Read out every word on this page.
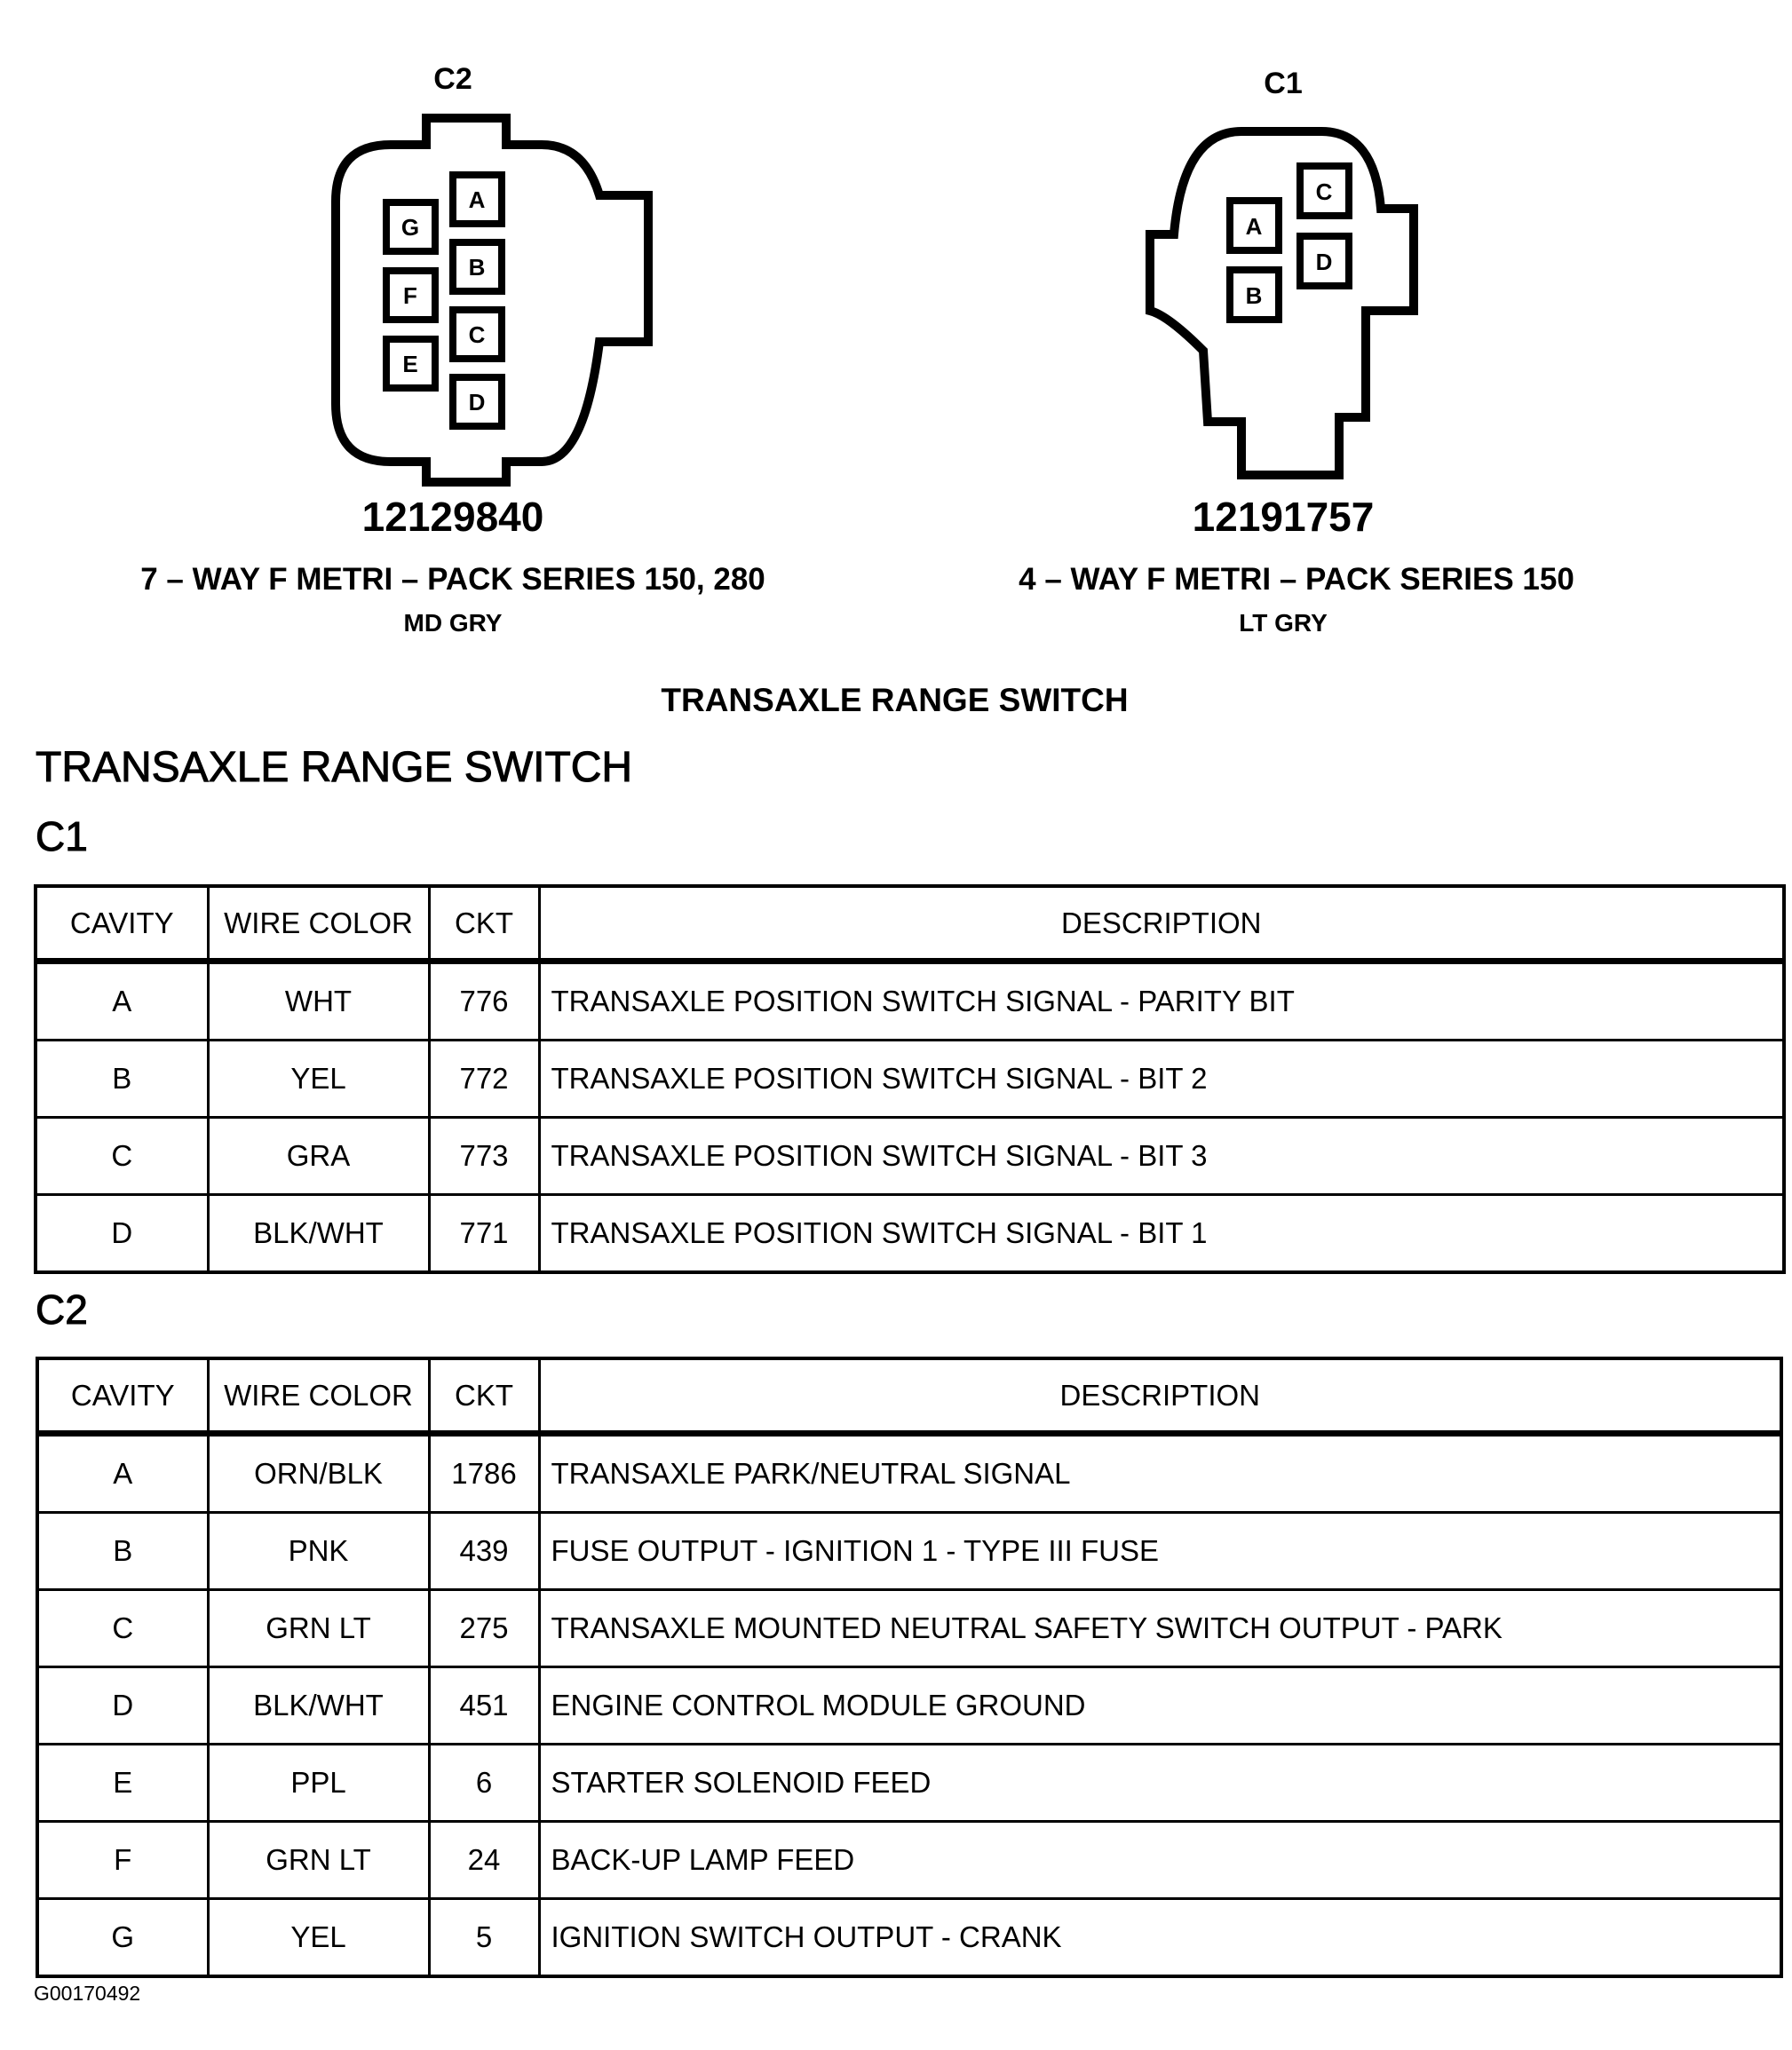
C2
G
F
E
A
B
C
D
12129840
7 – WAY F METRI – PACK SERIES 150, 280
MD GRY
C1
A
B
C
D
12191757
4 – WAY F METRI – PACK SERIES 150
LT GRY
TRANSAXLE RANGE SWITCH
TRANSAXLE RANGE SWITCH
C1
CAVITY	WIRE COLOR	CKT	DESCRIPTION
A	WHT	776	TRANSAXLE POSITION SWITCH SIGNAL - PARITY BIT
B	YEL	772	TRANSAXLE POSITION SWITCH SIGNAL - BIT 2
C	GRA	773	TRANSAXLE POSITION SWITCH SIGNAL - BIT 3
D	BLK/WHT	771	TRANSAXLE POSITION SWITCH SIGNAL - BIT 1
C2
CAVITY	WIRE COLOR	CKT	DESCRIPTION
A	ORN/BLK	1786	TRANSAXLE PARK/NEUTRAL SIGNAL
B	PNK	439	FUSE OUTPUT - IGNITION 1 - TYPE III FUSE
C	GRN LT	275	TRANSAXLE MOUNTED NEUTRAL SAFETY SWITCH OUTPUT - PARK
D	BLK/WHT	451	ENGINE CONTROL MODULE GROUND
E	PPL	6	STARTER SOLENOID FEED
F	GRN LT	24	BACK-UP LAMP FEED
G	YEL	5	IGNITION SWITCH OUTPUT - CRANK
G00170492
